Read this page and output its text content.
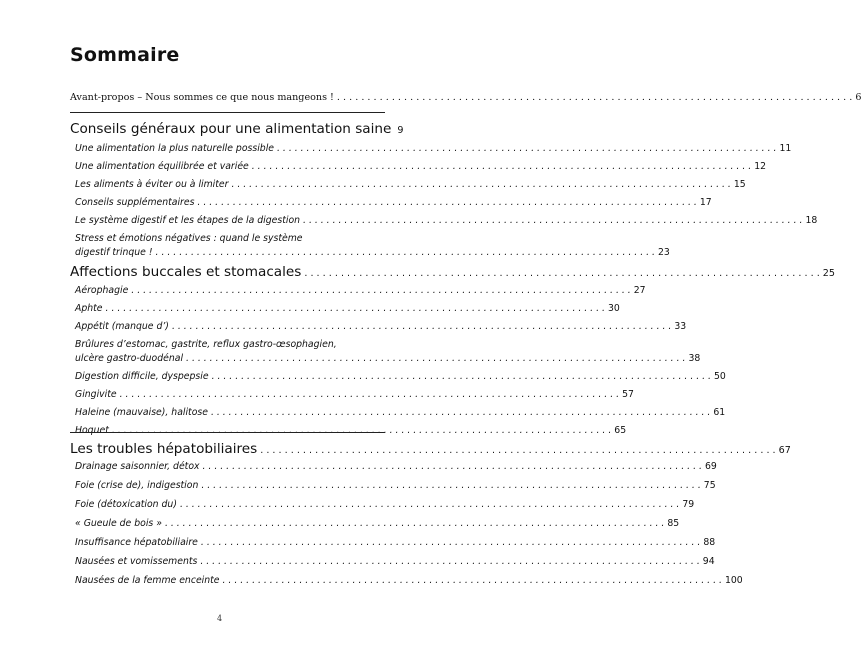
Sommaire
Avant-propos – Nous sommes ce que nous mangeons ! . . .	6
Conseils généraux pour une alimentation saine 9
Une alimentation la plus naturelle possible . . .	11
Une alimentation équilibrée et variée . . .	12
Les aliments à éviter ou à limiter . . .	15
Conseils supplémentaires . . .	17
Le système digestif et les étapes de la digestion . . .	18
Stress et émotions négatives : quand le système
digestif trinque ! . . .	23
Affections buccales et stomacales . . .	25
Aérophagie . . .	27
Aphte . . .	30
Appétit (manque d’) . . .	33
Brûlures d’estomac, gastrite, reflux gastro-œsophagien,
ulcère gastro-duodénal . . .	38
Digestion difficile, dyspepsie . . .	50
Gingivite . . .	57
Haleine (mauvaise), halitose . . .	61
Hoquet . . .	65
Les troubles hépatobiliaires . . .	67
Drainage saisonnier, détox . . .	69
Foie (crise de), indigestion . . .	75
Foie (détoxication du) . . .	79
« Gueule de bois » . . .	85
Insuffisance hépatobiliaire . . .	88
Nausées et vomissements . . .	94
Nausées de la femme enceinte . . .	100
4
